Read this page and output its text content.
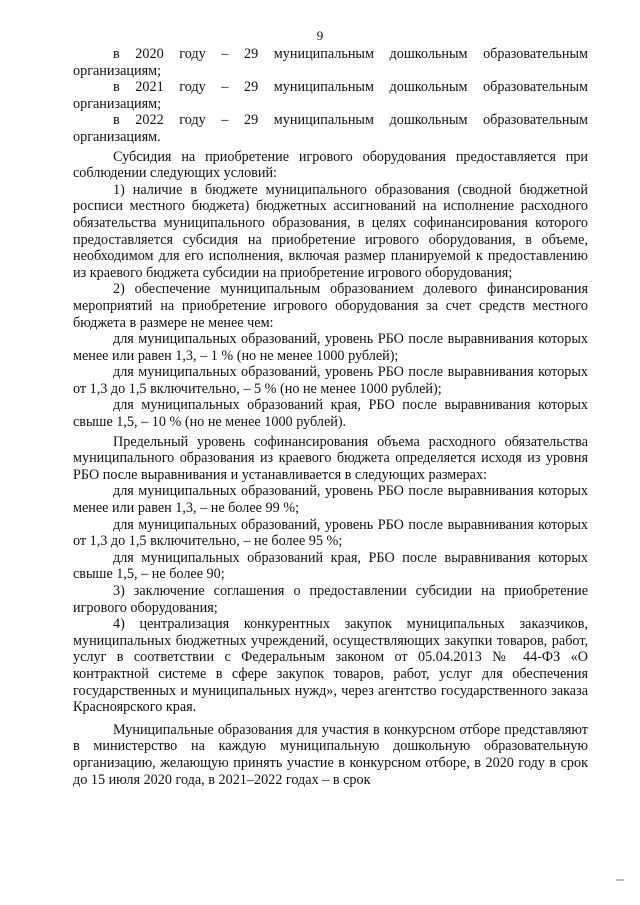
9

в 2020 году – 29 муниципальным дошкольным образовательным организациям;

в 2021 году – 29 муниципальным дошкольным образовательным организациям;

в 2022 году – 29 муниципальным дошкольным образовательным организациям.

Субсидия на приобретение игрового оборудования предоставляется при соблюдении следующих условий:

1) наличие в бюджете муниципального образования (сводной бюджетной росписи местного бюджета) бюджетных ассигнований на исполнение расходного обязательства муниципального образования, в целях софинансирования которого предоставляется субсидия на приобретение игрового оборудования, в объеме, необходимом для его исполнения, включая размер планируемой к предоставлению из краевого бюджета субсидии на приобретение игрового оборудования;

2) обеспечение муниципальным образованием долевого финансирования мероприятий на приобретение игрового оборудования за счет средств местного бюджета в размере не менее чем:

для муниципальных образований, уровень РБО после выравнивания которых менее или равен 1,3, – 1 % (но не менее 1000 рублей);

для муниципальных образований, уровень РБО после выравнивания которых от 1,3 до 1,5 включительно, – 5 % (но не менее 1000 рублей);

для муниципальных образований края, РБО после выравнивания которых свыше 1,5, – 10 % (но не менее 1000 рублей).

Предельный уровень софинансирования объема расходного обязательства муниципального образования из краевого бюджета определяется исходя из уровня РБО после выравнивания и устанавливается в следующих размерах:

для муниципальных образований, уровень РБО после выравнивания которых менее или равен 1,3, – не более 99 %;

для муниципальных образований, уровень РБО после выравнивания которых от 1,3 до 1,5 включительно, – не более 95 %;

для муниципальных образований края, РБО после выравнивания которых свыше 1,5, – не более 90;

3) заключение соглашения о предоставлении субсидии на приобретение игрового оборудования;

4) централизация конкурентных закупок муниципальных заказчиков, муниципальных бюджетных учреждений, осуществляющих закупки товаров, работ, услуг в соответствии с Федеральным законом от 05.04.2013 № 44-ФЗ «О контрактной системе в сфере закупок товаров, работ, услуг для обеспечения государственных и муниципальных нужд», через агентство государственного заказа Красноярского края.

Муниципальные образования для участия в конкурсном отборе представляют в министерство на каждую муниципальную дошкольную образовательную организацию, желающую принять участие в конкурсном отборе, в 2020 году в срок до 15 июля 2020 года, в 2021–2022 годах – в срок
